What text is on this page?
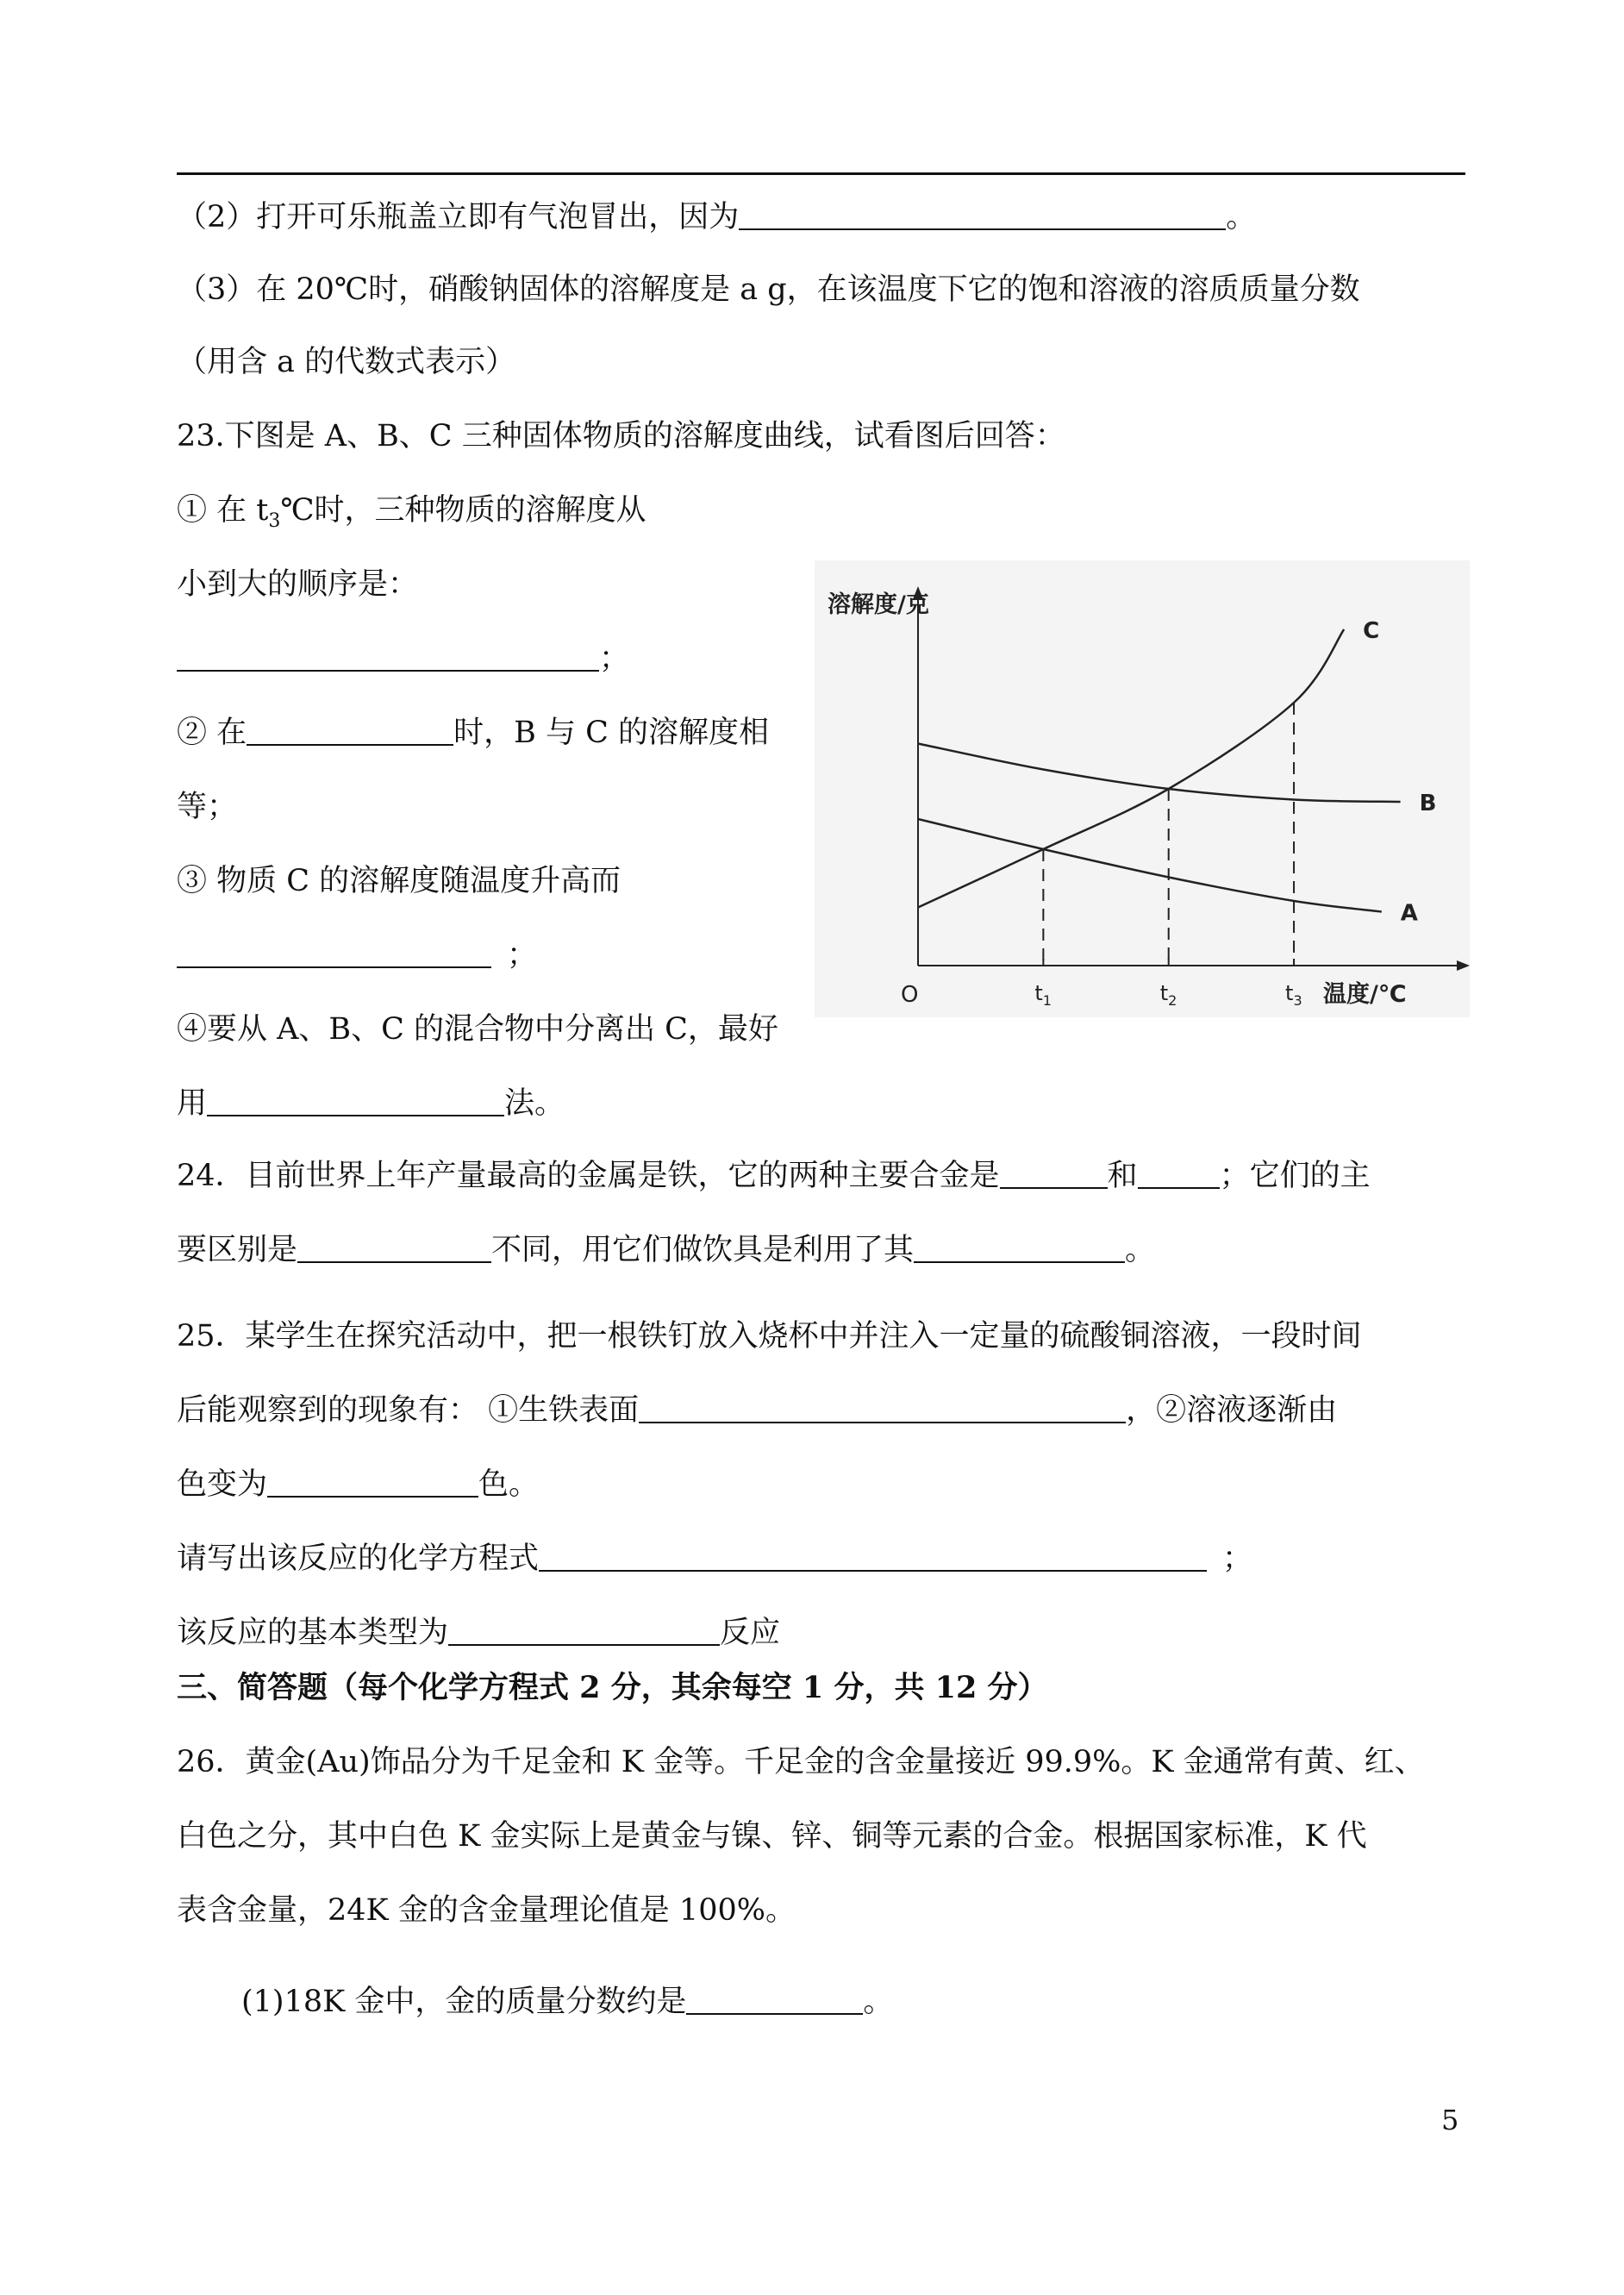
（2）打开可乐瓶盖立即有气泡冒出，因为	。
（3）在 20℃时，硝酸钠固体的溶解度是 a g，在该温度下它的饱和溶液的溶质质量分数
（用含 a 的代数式表示）
23.下图是 A、B、C 三种固体物质的溶解度曲线，试看图后回答：
① 在 $t_3℃$时，三种物质的溶解度从
小到大的顺序是：
；
② 在	时，B 与 C 的溶解度相
等；
③ 物质 C 的溶解度随温度升高而
；
④要从 A、B、C 的混合物中分离出 C，最好
用	法。
溶解度/克
温度/℃
O	$t_1$	$t_2$	$t_3$
A
B
C
24．目前世界上年产量最高的金属是铁，它的两种主要合金是	和	；它们的主
要区别是	不同，用它们做饮具是利用了其	。
25．某学生在探究活动中，把一根铁钉放入烧杯中并注入一定量的硫酸铜溶液，一段时间
后能观察到的现象有： ①生铁表面	，②溶液逐渐由
色变为	色。
请写出该反应的化学方程式	；
该反应的基本类型为	反应
三、简答题（每个化学方程式 2 分，其余每空 1 分，共 12 分）
26．黄金(Au)饰品分为千足金和 K 金等。千足金的含金量接近 99.9%。K 金通常有黄、红、
白色之分，其中白色 K 金实际上是黄金与镍、锌、铜等元素的合金。根据国家标准，K 代
表含金量，24K 金的含金量理论值是 100%。
(1)18K 金中，金的质量分数约是	。
5
